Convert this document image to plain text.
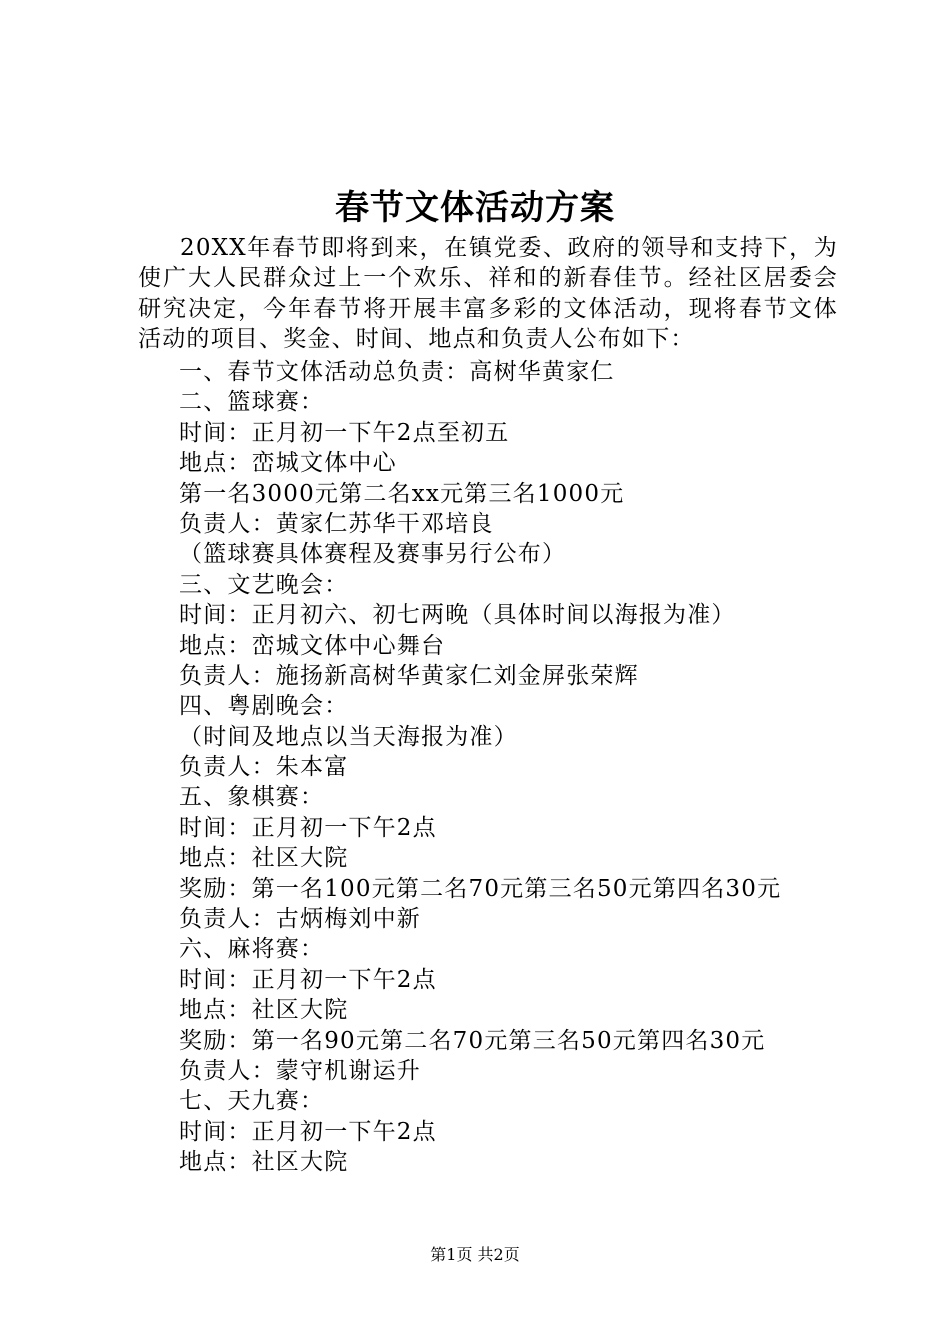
春节文体活动方案

20XX年春节即将到来，在镇党委、政府的领导和支持下，为使广大人民群众过上一个欢乐、祥和的新春佳节。经社区居委会研究决定，今年春节将开展丰富多彩的文体活动，现将春节文体活动的项目、奖金、时间、地点和负责人公布如下：

一、春节文体活动总负责：高树华黄家仁
二、篮球赛：
时间：正月初一下午2点至初五
地点：峦城文体中心
第一名3000元第二名xx元第三名1000元
负责人：黄家仁苏华干邓培良
（篮球赛具体赛程及赛事另行公布）
三、文艺晚会：
时间：正月初六、初七两晚（具体时间以海报为准）
地点：峦城文体中心舞台
负责人：施扬新高树华黄家仁刘金屏张荣辉
四、粤剧晚会：
（时间及地点以当天海报为准）
负责人：朱本富
五、象棋赛：
时间：正月初一下午2点
地点：社区大院
奖励：第一名100元第二名70元第三名50元第四名30元
负责人：古炳梅刘中新
六、麻将赛：
时间：正月初一下午2点
地点：社区大院
奖励：第一名90元第二名70元第三名50元第四名30元
负责人：蒙守机谢运升
七、天九赛：
时间：正月初一下午2点
地点：社区大院
第1页 共2页
